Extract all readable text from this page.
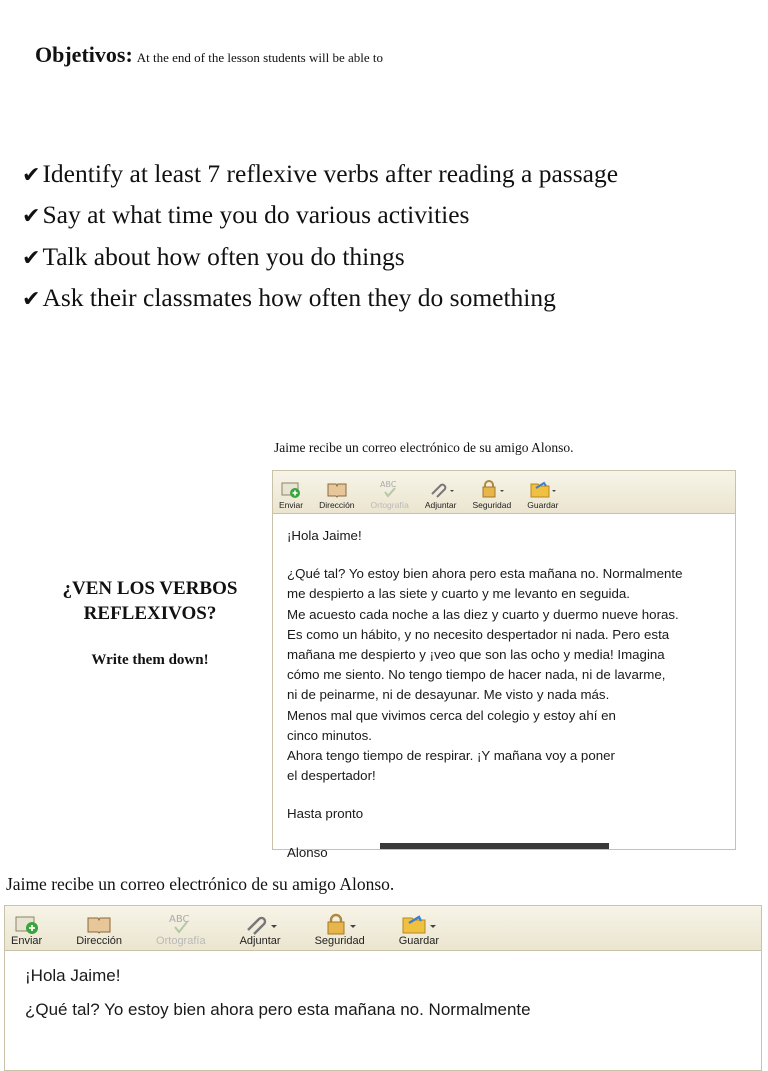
Objetivos: At the end of the lesson students will be able to
✔Identify at least 7 reflexive verbs after reading a passage
✔Say at what time you do various activities
✔Talk about how often you do things
✔Ask their classmates how often they do something
¿VEN LOS VERBOS
REFLEXIVOS?
Write them down!
Jaime recibe un correo electrónico de su amigo Alonso.
Enviar Dirección
ABC
Ortografía Adjuntar Seguridad Guardar

¡Hola Jaime!

¿Qué tal? Yo estoy bien ahora pero esta mañana no. Normalmente

me despierto a las siete y cuarto y me levanto en seguida.

Me acuesto cada noche a las diez y cuarto y duermo nueve horas.

Es como un hábito, y no necesito despertador ni nada. Pero esta

mañana me despierto y ¡veo que son las ocho y media! Imagina

cómo me siento. No tengo tiempo de hacer nada, ni de lavarme,

ni de peinarme, ni de desayunar. Me visto y nada más.

Menos mal que vivimos cerca del colegio y estoy ahí en

cinco minutos.

Ahora tengo tiempo de respirar. ¡Y mañana voy a poner

el despertador!

Hasta pronto

Alonso

Jaime recibe un correo electrónico de su amigo Alonso.
Enviar	Dirección
ABC
Ortografía	Adjuntar	Seguridad	Guardar

¡Hola Jaime!

¿Qué tal? Yo estoy bien ahora pero esta mañana no. Normalmente
